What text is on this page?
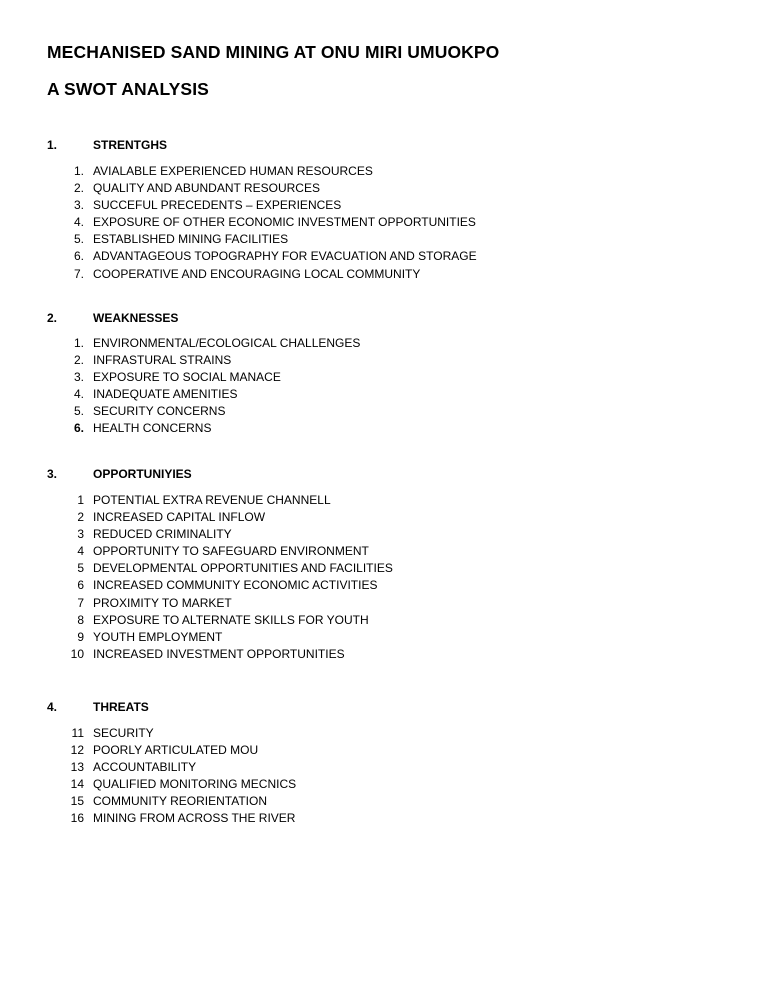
MECHANISED SAND MINING AT ONU MIRI UMUOKPO
A SWOT ANALYSIS
1.	STRENTGHS
1. AVIALABLE EXPERIENCED HUMAN RESOURCES
2. QUALITY AND ABUNDANT RESOURCES
3. SUCCEFUL PRECEDENTS – EXPERIENCES
4. EXPOSURE OF OTHER ECONOMIC INVESTMENT OPPORTUNITIES
5. ESTABLISHED MINING FACILITIES
6. ADVANTAGEOUS TOPOGRAPHY FOR EVACUATION AND STORAGE
7. COOPERATIVE AND ENCOURAGING LOCAL COMMUNITY
2.	WEAKNESSES
1. ENVIRONMENTAL/ECOLOGICAL CHALLENGES
2. INFRASTURAL STRAINS
3. EXPOSURE TO SOCIAL MANACE
4. INADEQUATE AMENITIES
5. SECURITY CONCERNS
6. HEALTH CONCERNS
3.	OPPORTUNIYIES
1 POTENTIAL EXTRA REVENUE CHANNELL
2 INCREASED CAPITAL INFLOW
3 REDUCED CRIMINALITY
4 OPPORTUNITY TO SAFEGUARD ENVIRONMENT
5 DEVELOPMENTAL OPPORTUNITIES AND FACILITIES
6 INCREASED COMMUNITY ECONOMIC ACTIVITIES
7 PROXIMITY TO MARKET
8 EXPOSURE TO ALTERNATE SKILLS FOR YOUTH
9 YOUTH EMPLOYMENT
10 INCREASED INVESTMENT OPPORTUNITIES
4.	THREATS
11 SECURITY
12 POORLY ARTICULATED MOU
13 ACCOUNTABILITY
14 QUALIFIED MONITORING MECNICS
15 COMMUNITY REORIENTATION
16 MINING FROM ACROSS THE RIVER
